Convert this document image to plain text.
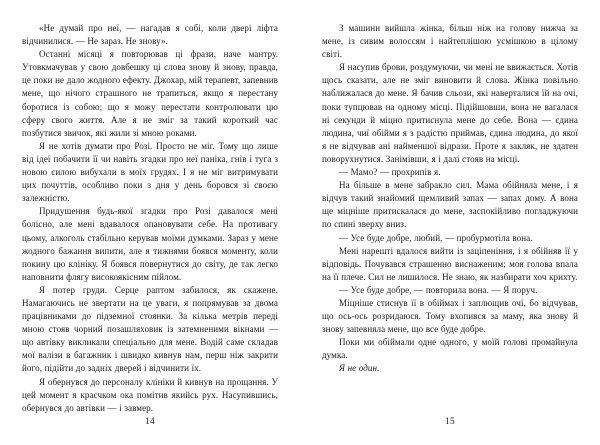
«Не думай про неї, — нагадав я собі, коли двері ліфта відчинилися. — Не зараз. Не знову».

Останні місяці я повторював ці фрази, наче мантру. Утовкмачував у свою довбешку ці слова знову й знову, правда, це поки не дало жодного ефекту. Джохар, мій терапевт, запевнив мене, що нічого страшного не трапиться, якщо я перестану боротися із собою; що я можу перестати контролювати цю сферу свого життя. Але я не зміг за такий короткий час позбутися звичок, які жили зі мною роками.

Я не хотів думати про Розі. Просто не міг. Тому що лише від ідеї побачити її чи навіть згадки про неї паніка, гнів і туга з новою силою вибухали в моїх грудях. І я не міг витримувати цих почуттів, особливо поки з дня у день боровся зі своєю залежністю.

Придушення будь-якої згадки про Розі давалося мені болісно, але мені вдавалося опановувати себе. На противагу цьому, алкоголь стабільно керував моїми думками. Зараз у мене жодного бажання випити, але я тижнями боявся моменту, коли покину цю клініку. Я боявся повернутися до світу, де так легко наповнити флягу високоякісним пійлом.

Я потер груди. Серце раптом забилося, як скажене. Намагаючись не звертати на це уваги, я попрямував за двома працівниками до підземної стоянки. За кілька метрів переді мною стояв чорний позашляховик із затемненими вікнами — що автівку викликали спеціально для мене. Водій саме складав мої валізи в багажник і швидко кивнув нам, перш ніж закрити його, підійти до задніх дверей і відчинити їх.

Я обернувся до персоналу клініки й кивнув на прощання. У цей момент я краєчком ока помітив якийсь рух. Насупившись, обернувся до автівки — і завмер.

14

З машини вийшла жінка, більш ніж на голову нижча за мене, із сивим волоссям і найтеплішою усмішкою в цілому світі.

Я насупив брови, роздумуючи, чи мені не ввижається. Хотів щось сказати, але не зміг виновити й слова. Жінка повільно наближалася до мене. Я бачив сльози, які наверталися їй на очі, поки тупцював на одному місці. Підійшовши, вона не вагалася ні секунди й міцно притиснула мене до себе. Вона — єдина людина, чиї обійми я з радістю приймав, єдина людина, до якої я не відчував ані найменшої відрази. Проте я закляк, не здатен поворухнутися. Занімівши, я і далі стояв на місці.

— Мамо? — прохрипів я.

На більше в мене забракло сил. Мама обійняла мене, і я відчув такий знайомий щемливий запах — запах дому. А вона ще міцніше притискалася до мене, заспокійливо погладжуючи по спині зверху вниз.

— Усе буде добре, любий, — пробурмотіла вона.

Мені нарешті вдалося вийти із заціпеніння, і я обійняв її у відповідь. Почувався страшенно виснаженим; моя голова впала на її плече. Сил не лишилося. Не знаю, як назбирати хоч крихту.

— Усе буде добре, — повторила вона. — Я поруч.

Міцніше стиснув її в обіймах і заплющив очі, бо відчував, що ось-ось розридаюся. Тому вхопився за маму, яка знову й знову запевняла мене, що все буде добре.

Поки ми обіймали одне одного, у моїй голові промайнула думка.

Я не один.

15
